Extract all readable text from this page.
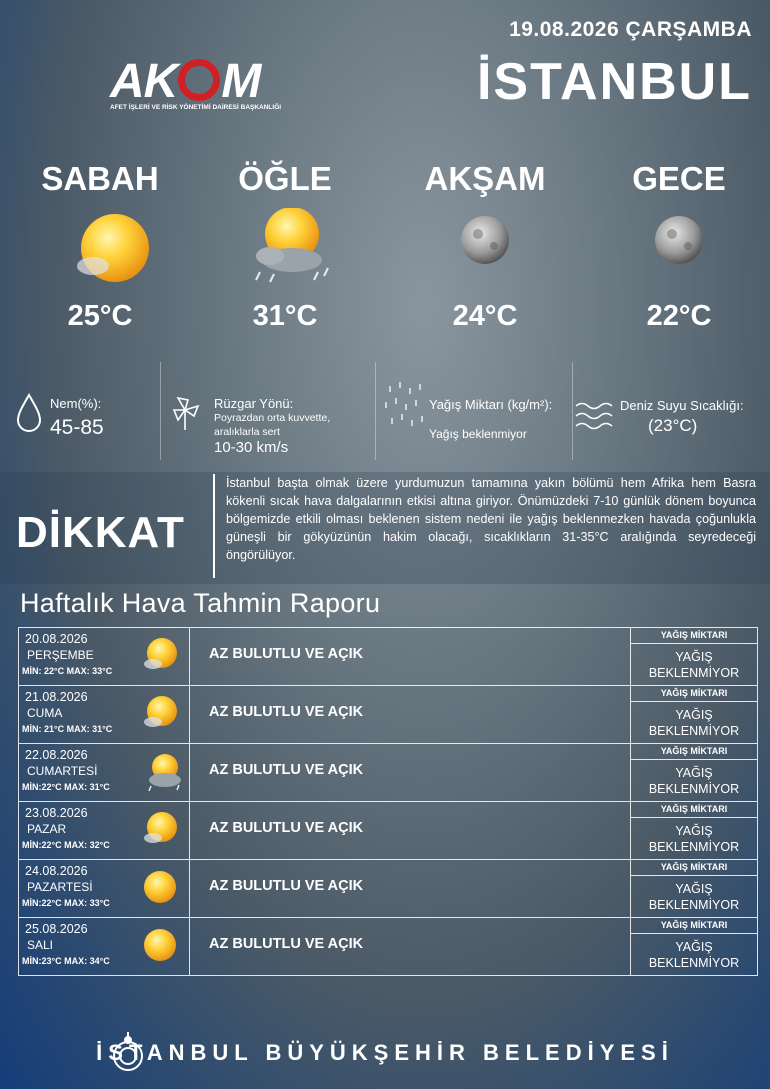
19.08.2026 ÇARŞAMBA
İSTANBUL
AK M
AFET İŞLERİ VE RİSK YÖNETİMİ DAİRESİ BAŞKANLIĞI
SABAH
25°C
ÖĞLE
31°C
AKŞAM
24°C
GECE
22°C
Nem(%):
45-85
Rüzgar Yönü:
Poyrazdan orta kuvvette, aralıklarla sert
10-30 km/s
Yağış Miktarı (kg/m²):
Yağış beklenmiyor
Deniz Suyu Sıcaklığı:
(23°C)
DİKKAT
İstanbul başta olmak üzere yurdumuzun tamamına yakın bölümü hem Afrika hem Basra kökenli sıcak hava dalgalarının etkisi altına giriyor. Önümüzdeki 7-10 günlük dönem boyunca bölgemizde etkili olması beklenen sistem nedeni ile yağış beklenmezken havada çoğunlukla güneşli bir gökyüzünün hakim olacağı, sıcaklıkların 31-35°C aralığında seyredeceği öngörülüyor.
Haftalık Hava Tahmin Raporu
20.08.2026
PERŞEMBE
MİN: 22°C MAX: 33°C
AZ BULUTLU VE AÇIK
YAĞIŞ MİKTARI
YAĞIŞ
BEKLENMİYOR
21.08.2026
CUMA
MİN: 21°C MAX: 31°C
AZ BULUTLU VE AÇIK
YAĞIŞ MİKTARI
YAĞIŞ
BEKLENMİYOR
22.08.2026
CUMARTESİ
MİN:22°C MAX: 31°C
AZ BULUTLU VE AÇIK
YAĞIŞ MİKTARI
YAĞIŞ
BEKLENMİYOR
23.08.2026
PAZAR
MİN:22°C MAX: 32°C
AZ BULUTLU VE AÇIK
YAĞIŞ MİKTARI
YAĞIŞ
BEKLENMİYOR
24.08.2026
PAZARTESİ
MİN:22°C MAX: 33°C
AZ BULUTLU VE AÇIK
YAĞIŞ MİKTARI
YAĞIŞ
BEKLENMİYOR
25.08.2026
SALI
MİN:23°C MAX: 34°C
AZ BULUTLU VE AÇIK
YAĞIŞ MİKTARI
YAĞIŞ
BEKLENMİYOR
İSTANBUL BÜYÜKŞEHİR BELEDİYESİ
